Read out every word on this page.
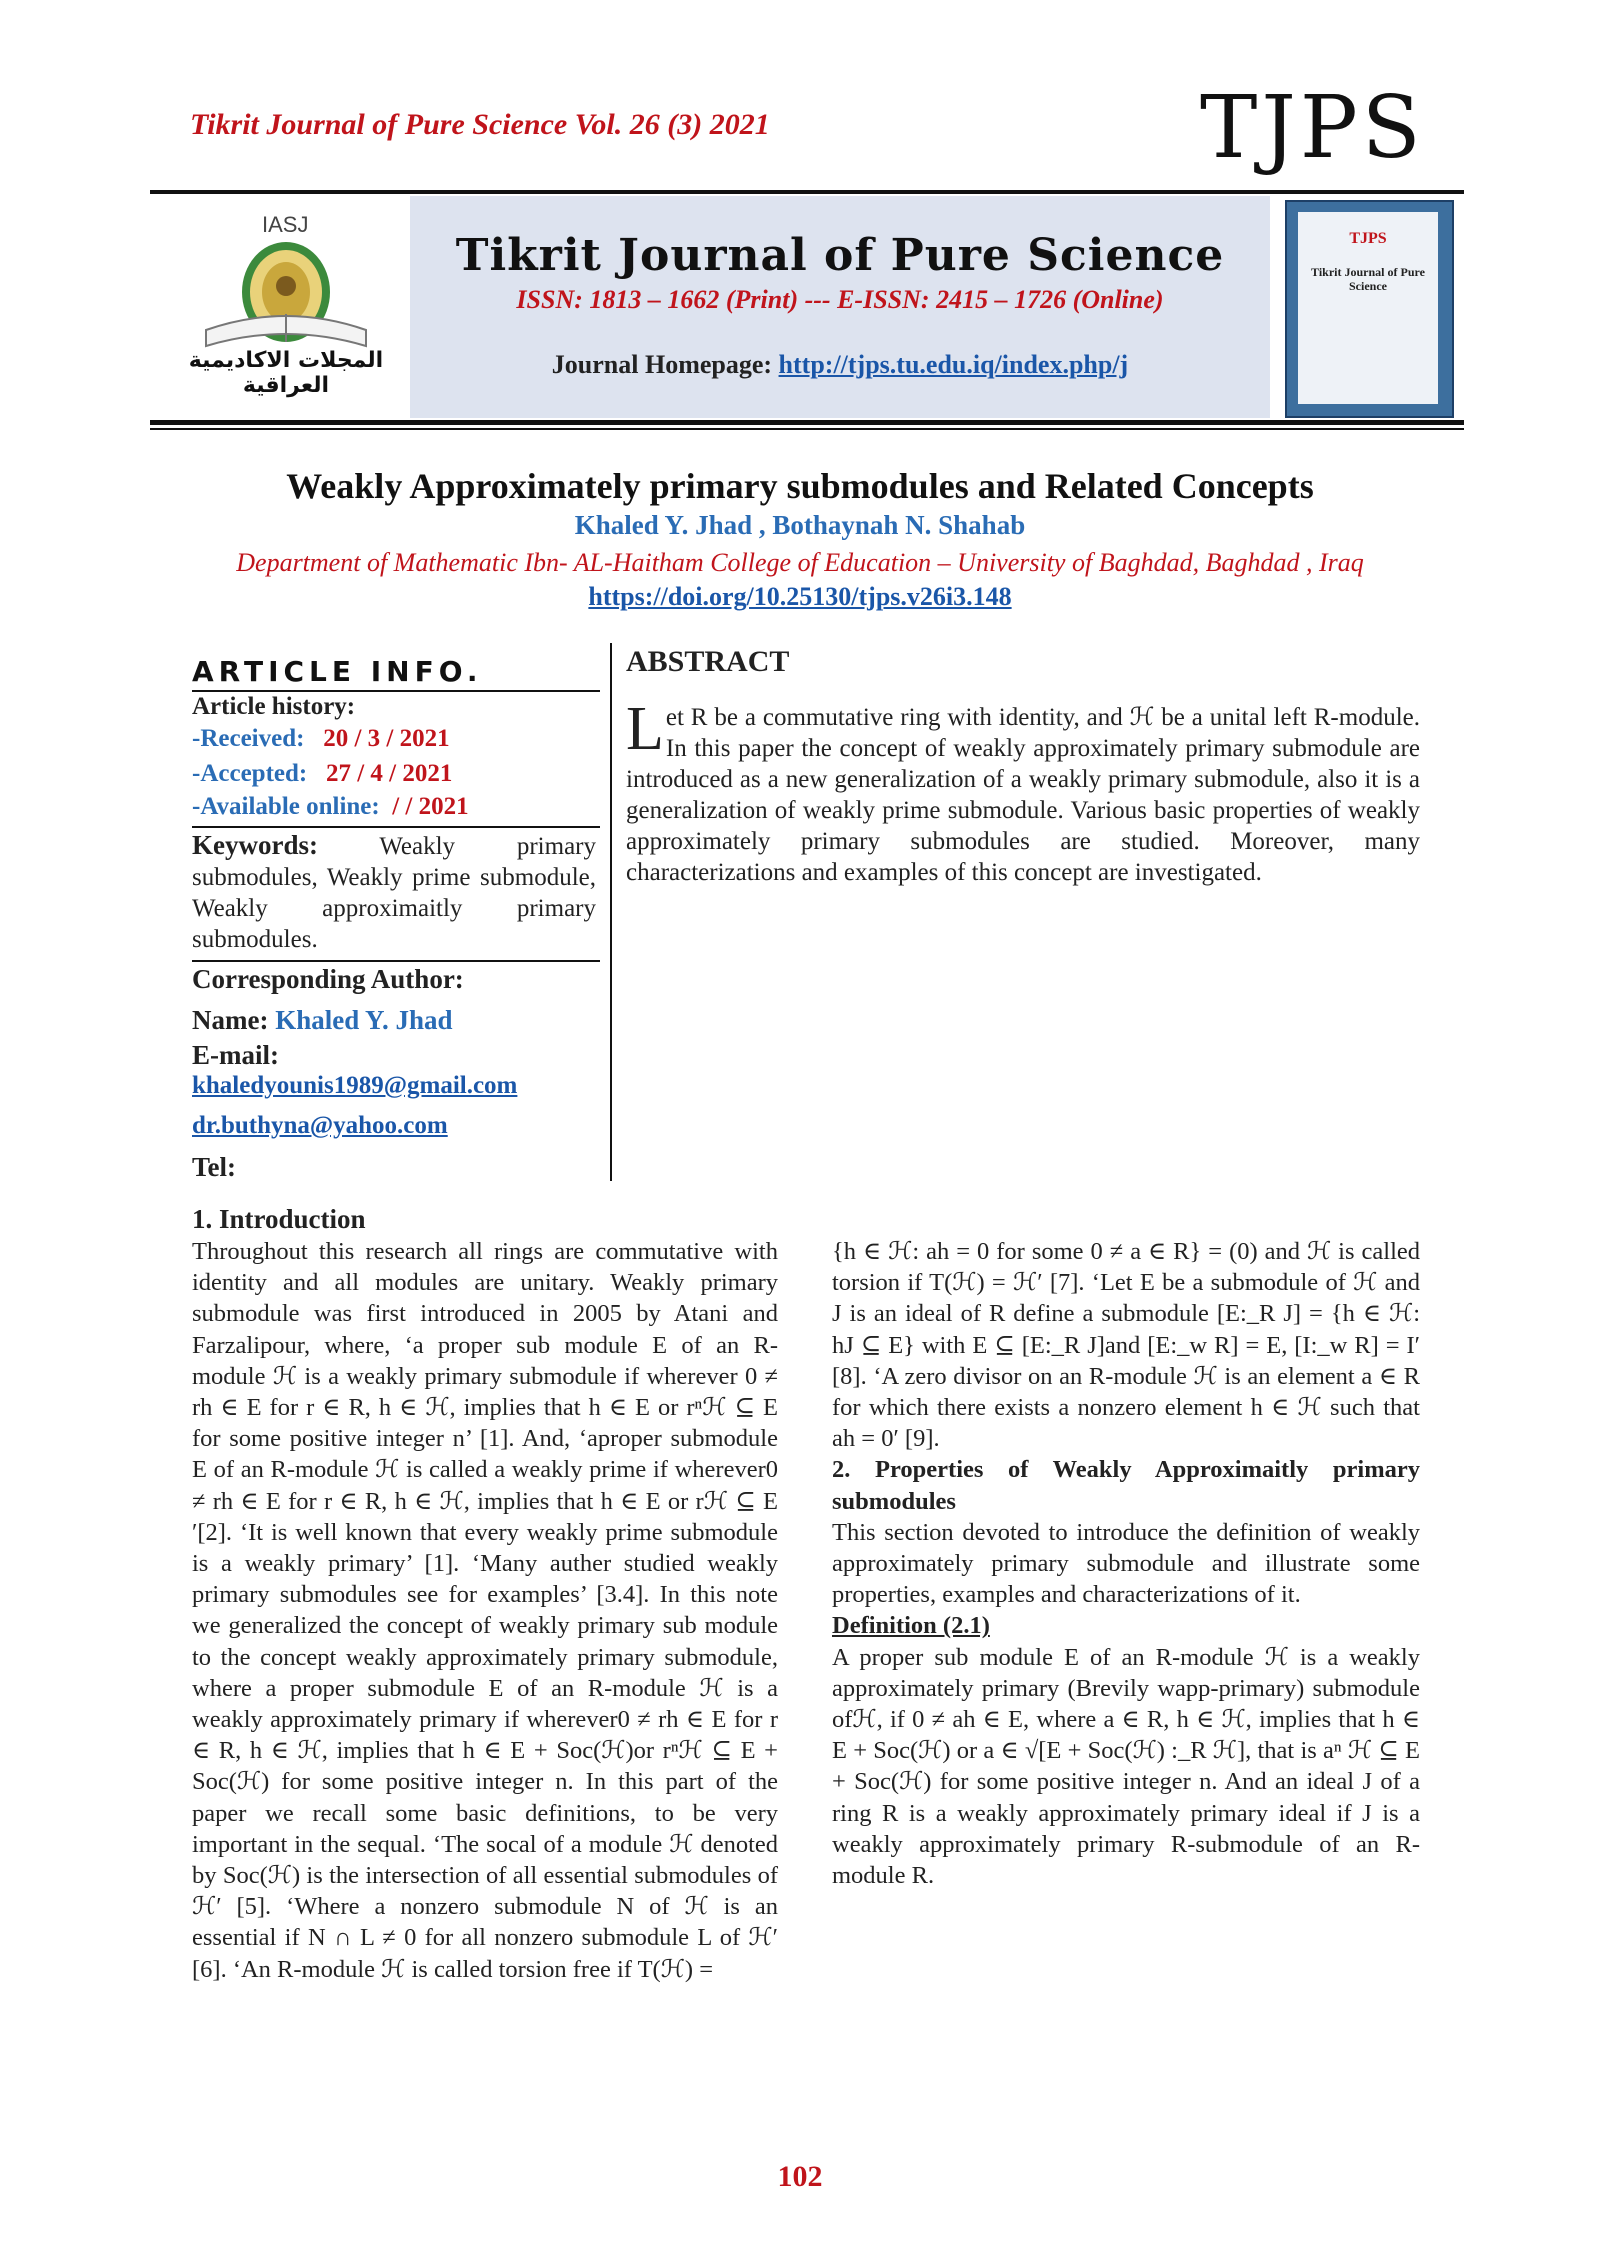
Tikrit Journal of Pure Science Vol. 26 (3) 2021	TJPS
IASJ
المجلات الاكاديمية العراقية
Tikrit Journal of Pure Science
ISSN: 1813 – 1662 (Print) --- E-ISSN: 2415 – 1726 (Online)
Journal Homepage: http://tjps.tu.edu.iq/index.php/j
TJPS
Tikrit Journal of Pure Science
Weakly Approximately primary submodules and Related Concepts
Khaled Y. Jhad , Bothaynah N. Shahab
Department of Mathematic Ibn- AL-Haitham College of Education – University of Baghdad, Baghdad , Iraq
https://doi.org/10.25130/tjps.v26i3.148
ARTICLE INFO.
Article history:
-Received: 20 / 3 / 2021
-Accepted: 27 / 4 / 2021
-Available online: / / 2021
Keywords: Weakly primary submodules, Weakly prime submodule, Weakly approximaitly primary submodules.
Corresponding Author:
Name: Khaled Y. Jhad
E-mail:
khaledyounis1989@gmail.com
dr.buthyna@yahoo.com
Tel:
ABSTRACT
Let R be a commutative ring with identity, and ℋ be a unital left R-module. In this paper the concept of weakly approximately primary submodule are introduced as a new generalization of a weakly primary submodule, also it is a generalization of weakly prime submodule. Various basic properties of weakly approximately primary submodules are studied. Moreover, many characterizations and examples of this concept are investigated.
1. Introduction
Throughout this research all rings are commutative with identity and all modules are unitary. Weakly primary submodule was first introduced in 2005 by Atani and Farzalipour, where, ‘a proper sub module E of an R-module ℋ is a weakly primary submodule if wherever 0 ≠ rh ∈ E for r ∈ R, h ∈ ℋ, implies that h ∈ E or rⁿℋ ⊆ E for some positive integer n’ [1]. And, ‘aproper submodule E of an R-module ℋ is called a weakly prime if wherever0 ≠ rh ∈ E for r ∈ R, h ∈ ℋ, implies that h ∈ E or rℋ ⊆ E ′[2]. ‘It is well known that every weakly prime submodule is a weakly primary’ [1]. ‘Many auther studied weakly primary submodules see for examples’ [3.4]. In this note we generalized the concept of weakly primary sub module to the concept weakly approximately primary submodule, where a proper submodule E of an R-module ℋ is a weakly approximately primary if wherever0 ≠ rh ∈ E for r ∈ R, h ∈ ℋ, implies that h ∈ E + Soc(ℋ)or rⁿℋ ⊆ E + Soc(ℋ) for some positive integer n. In this part of the paper we recall some basic definitions, to be very important in the sequal. ‘The socal of a module ℋ denoted by Soc(ℋ) is the intersection of all essential submodules of ℋ′ [5]. ‘Where a nonzero submodule N of ℋ is an essential if N ∩ L ≠ 0 for all nonzero submodule L of ℋ′ [6]. ‘An R-module ℋ is called torsion free if T(ℋ) =
{h ∈ ℋ: ah = 0 for some 0 ≠ a ∈ R} = (0) and ℋ is called torsion if T(ℋ) = ℋ′ [7]. ‘Let E be a submodule of ℋ and J is an ideal of R define a submodule [E:_R J] = {h ∈ ℋ: hJ ⊆ E} with E ⊆ [E:_R J]and [E:_w R] = E, [I:_w R] = I′ [8]. ‘A zero divisor on an R-module ℋ is an element a ∈ R for which there exists a nonzero element h ∈ ℋ such that ah = 0′ [9].
2. Properties of Weakly Approximaitly primary submodules
This section devoted to introduce the definition of weakly approximately primary submodule and illustrate some properties, examples and characterizations of it.
Definition (2.1)
A proper sub module E of an R-module ℋ is a weakly approximately primary (Brevily wapp-primary) submodule ofℋ, if 0 ≠ ah ∈ E, where a ∈ R, h ∈ ℋ, implies that h ∈ E + Soc(ℋ) or a ∈ √[E + Soc(ℋ) :_R ℋ], that is aⁿ ℋ ⊆ E + Soc(ℋ) for some positive integer n. And an ideal J of a ring R is a weakly approximately primary ideal if J is a weakly approximately primary R-submodule of an R-module R.
102
